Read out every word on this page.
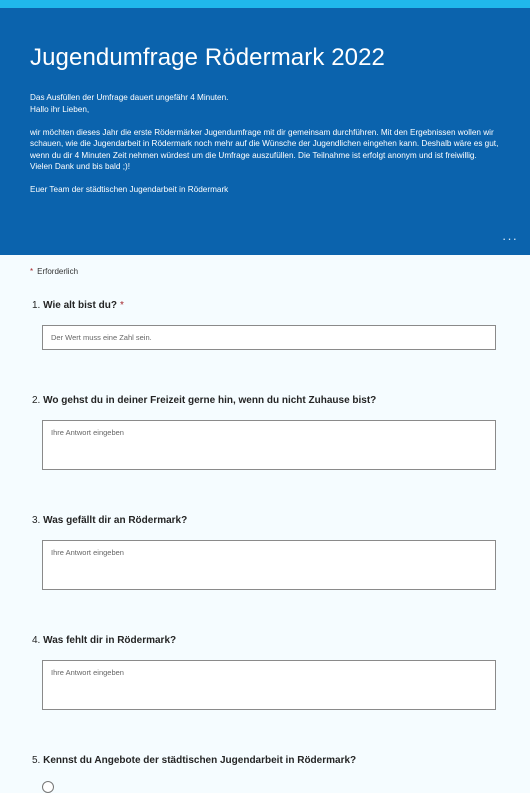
Jugendumfrage Rödermark 2022

Das Ausfüllen der Umfrage dauert ungefähr 4 Minuten.
Hallo ihr Lieben,

wir möchten dieses Jahr die erste Rödermärker Jugendumfrage mit dir gemeinsam durchführen. Mit den Ergebnissen wollen wir schauen, wie die Jugendarbeit in Rödermark noch mehr auf die Wünsche der Jugendlichen eingehen kann. Deshalb wäre es gut, wenn du dir 4 Minuten Zeit nehmen würdest um die Umfrage auszufüllen. Die Teilnahme ist erfolgt anonym und ist freiwillig.
Vielen Dank und bis bald ;)!

Euer Team der städtischen Jugendarbeit in Rödermark

···
* Erforderlich
1. Wie alt bist du? *
Der Wert muss eine Zahl sein.
2. Wo gehst du in deiner Freizeit gerne hin, wenn du nicht Zuhause bist?
Ihre Antwort eingeben
3. Was gefällt dir an Rödermark?
Ihre Antwort eingeben
4. Was fehlt dir in Rödermark?
Ihre Antwort eingeben
5. Kennst du Angebote der städtischen Jugendarbeit in Rödermark?
